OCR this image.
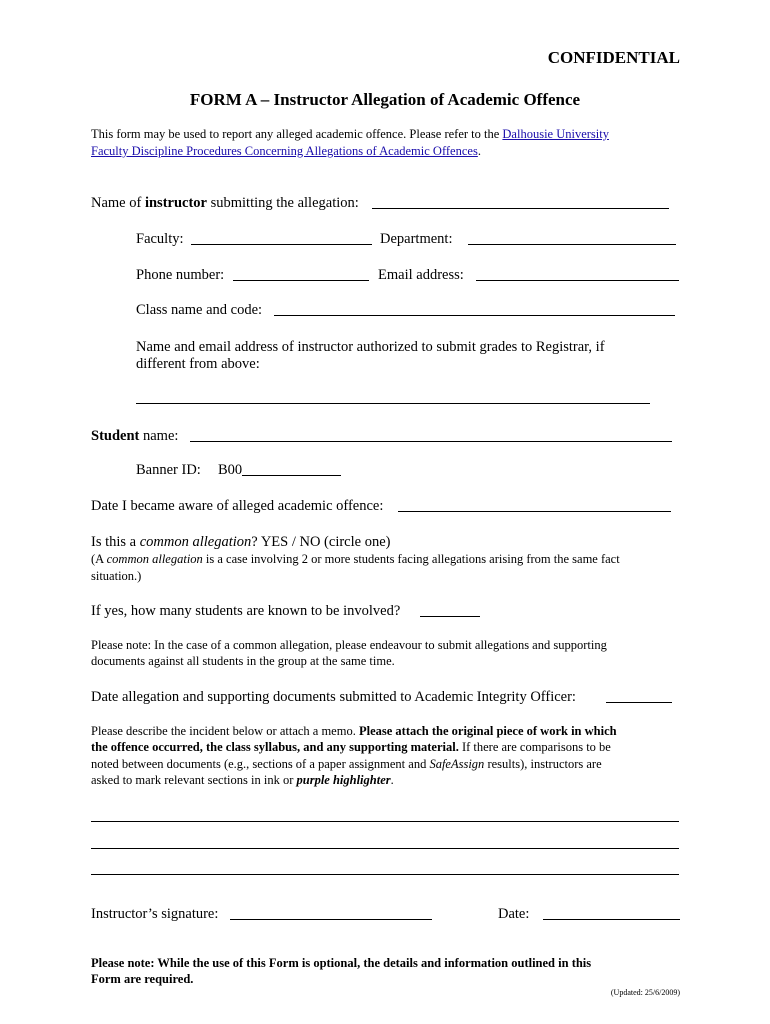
CONFIDENTIAL
FORM A – Instructor Allegation of Academic Offence
This form may be used to report any alleged academic offence. Please refer to the Dalhousie University
Faculty Discipline Procedures Concerning Allegations of Academic Offences.
Name of instructor submitting the allegation:
Faculty:	Department:
Phone number:	Email address:
Class name and code:
Name and email address of instructor authorized to submit grades to Registrar, if
different from above:
Student name:
Banner ID: B00
Date I became aware of alleged academic offence:
Is this a common allegation? YES / NO (circle one)
(A common allegation is a case involving 2 or more students facing allegations arising from the same fact
situation.)
If yes, how many students are known to be involved?
Please note: In the case of a common allegation, please endeavour to submit allegations and supporting
documents against all students in the group at the same time.
Date allegation and supporting documents submitted to Academic Integrity Officer:
Please describe the incident below or attach a memo. Please attach the original piece of work in which
the offence occurred, the class syllabus, and any supporting material. If there are comparisons to be
noted between documents (e.g., sections of a paper assignment and SafeAssign results), instructors are
asked to mark relevant sections in ink or purple highlighter.
Instructor’s signature:	Date:
Please note: While the use of this Form is optional, the details and information outlined in this
Form are required.
(Updated: 25/6/2009)
